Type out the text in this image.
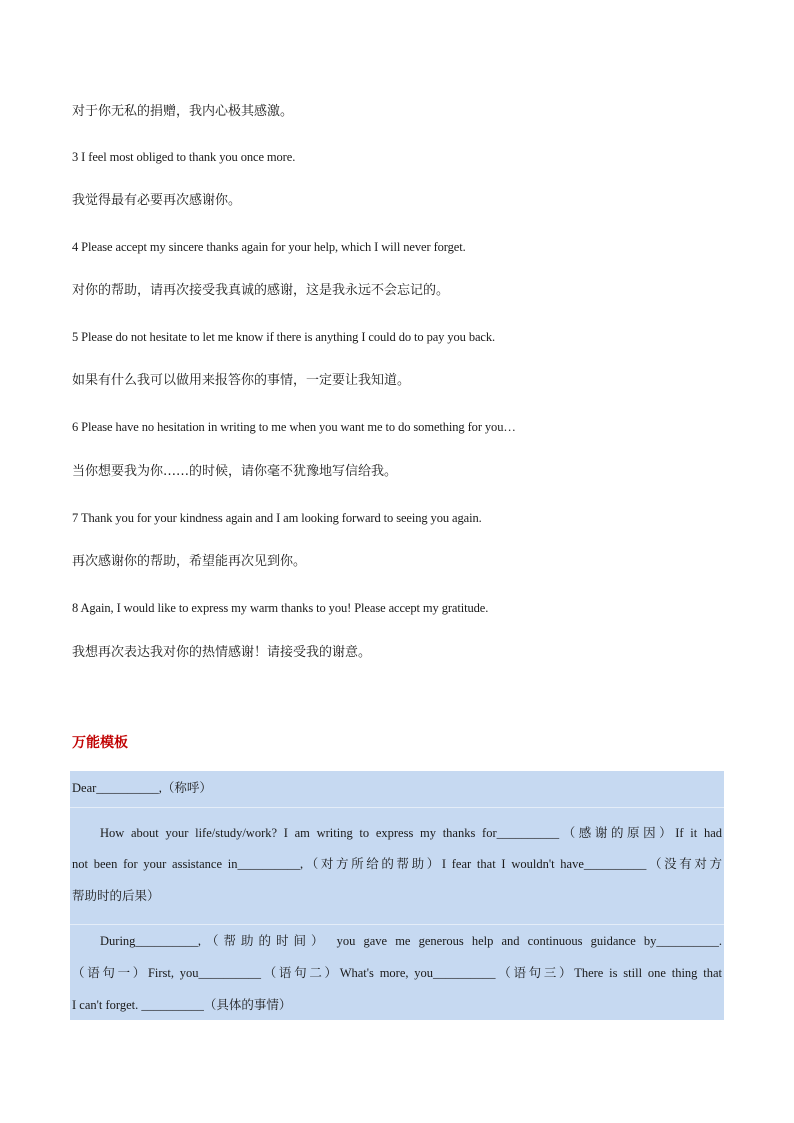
对于你无私的捐赠，我内心极其感激。
3 I feel most obliged to thank you once more.
我觉得最有必要再次感谢你。
4 Please accept my sincere thanks again for your help, which I will never forget.
对你的帮助，请再次接受我真诚的感谢，这是我永远不会忘记的。
5 Please do not hesitate to let me know if there is anything I could do to pay you back.
如果有什么我可以做用来报答你的事情，一定要让我知道。
6 Please have no hesitation in writing to me when you want me to do something for you…
当你想要我为你……的时候，请你毫不犹豫地写信给我。
7 Thank you for your kindness again and I am looking forward to seeing you again.
再次感谢你的帮助，希望能再次见到你。
8 Again, I would like to express my warm thanks to you! Please accept my gratitude.
我想再次表达我对你的热情感谢！请接受我的谢意。
万能模板
Dear__________,（称呼）
How about your life/study/work? I am writing to express my thanks for__________（感谢的原因）If it had
not been for your assistance in__________,（对方所给的帮助）I fear that I wouldn't have__________（没有对方
帮助时的后果）
During__________,（帮助的时间） you gave me generous help and continuous guidance by__________.
（语句一）First, you__________（语句二）What's more, you__________（语句三）There is still one thing that
I can't forget. __________（具体的事情）
